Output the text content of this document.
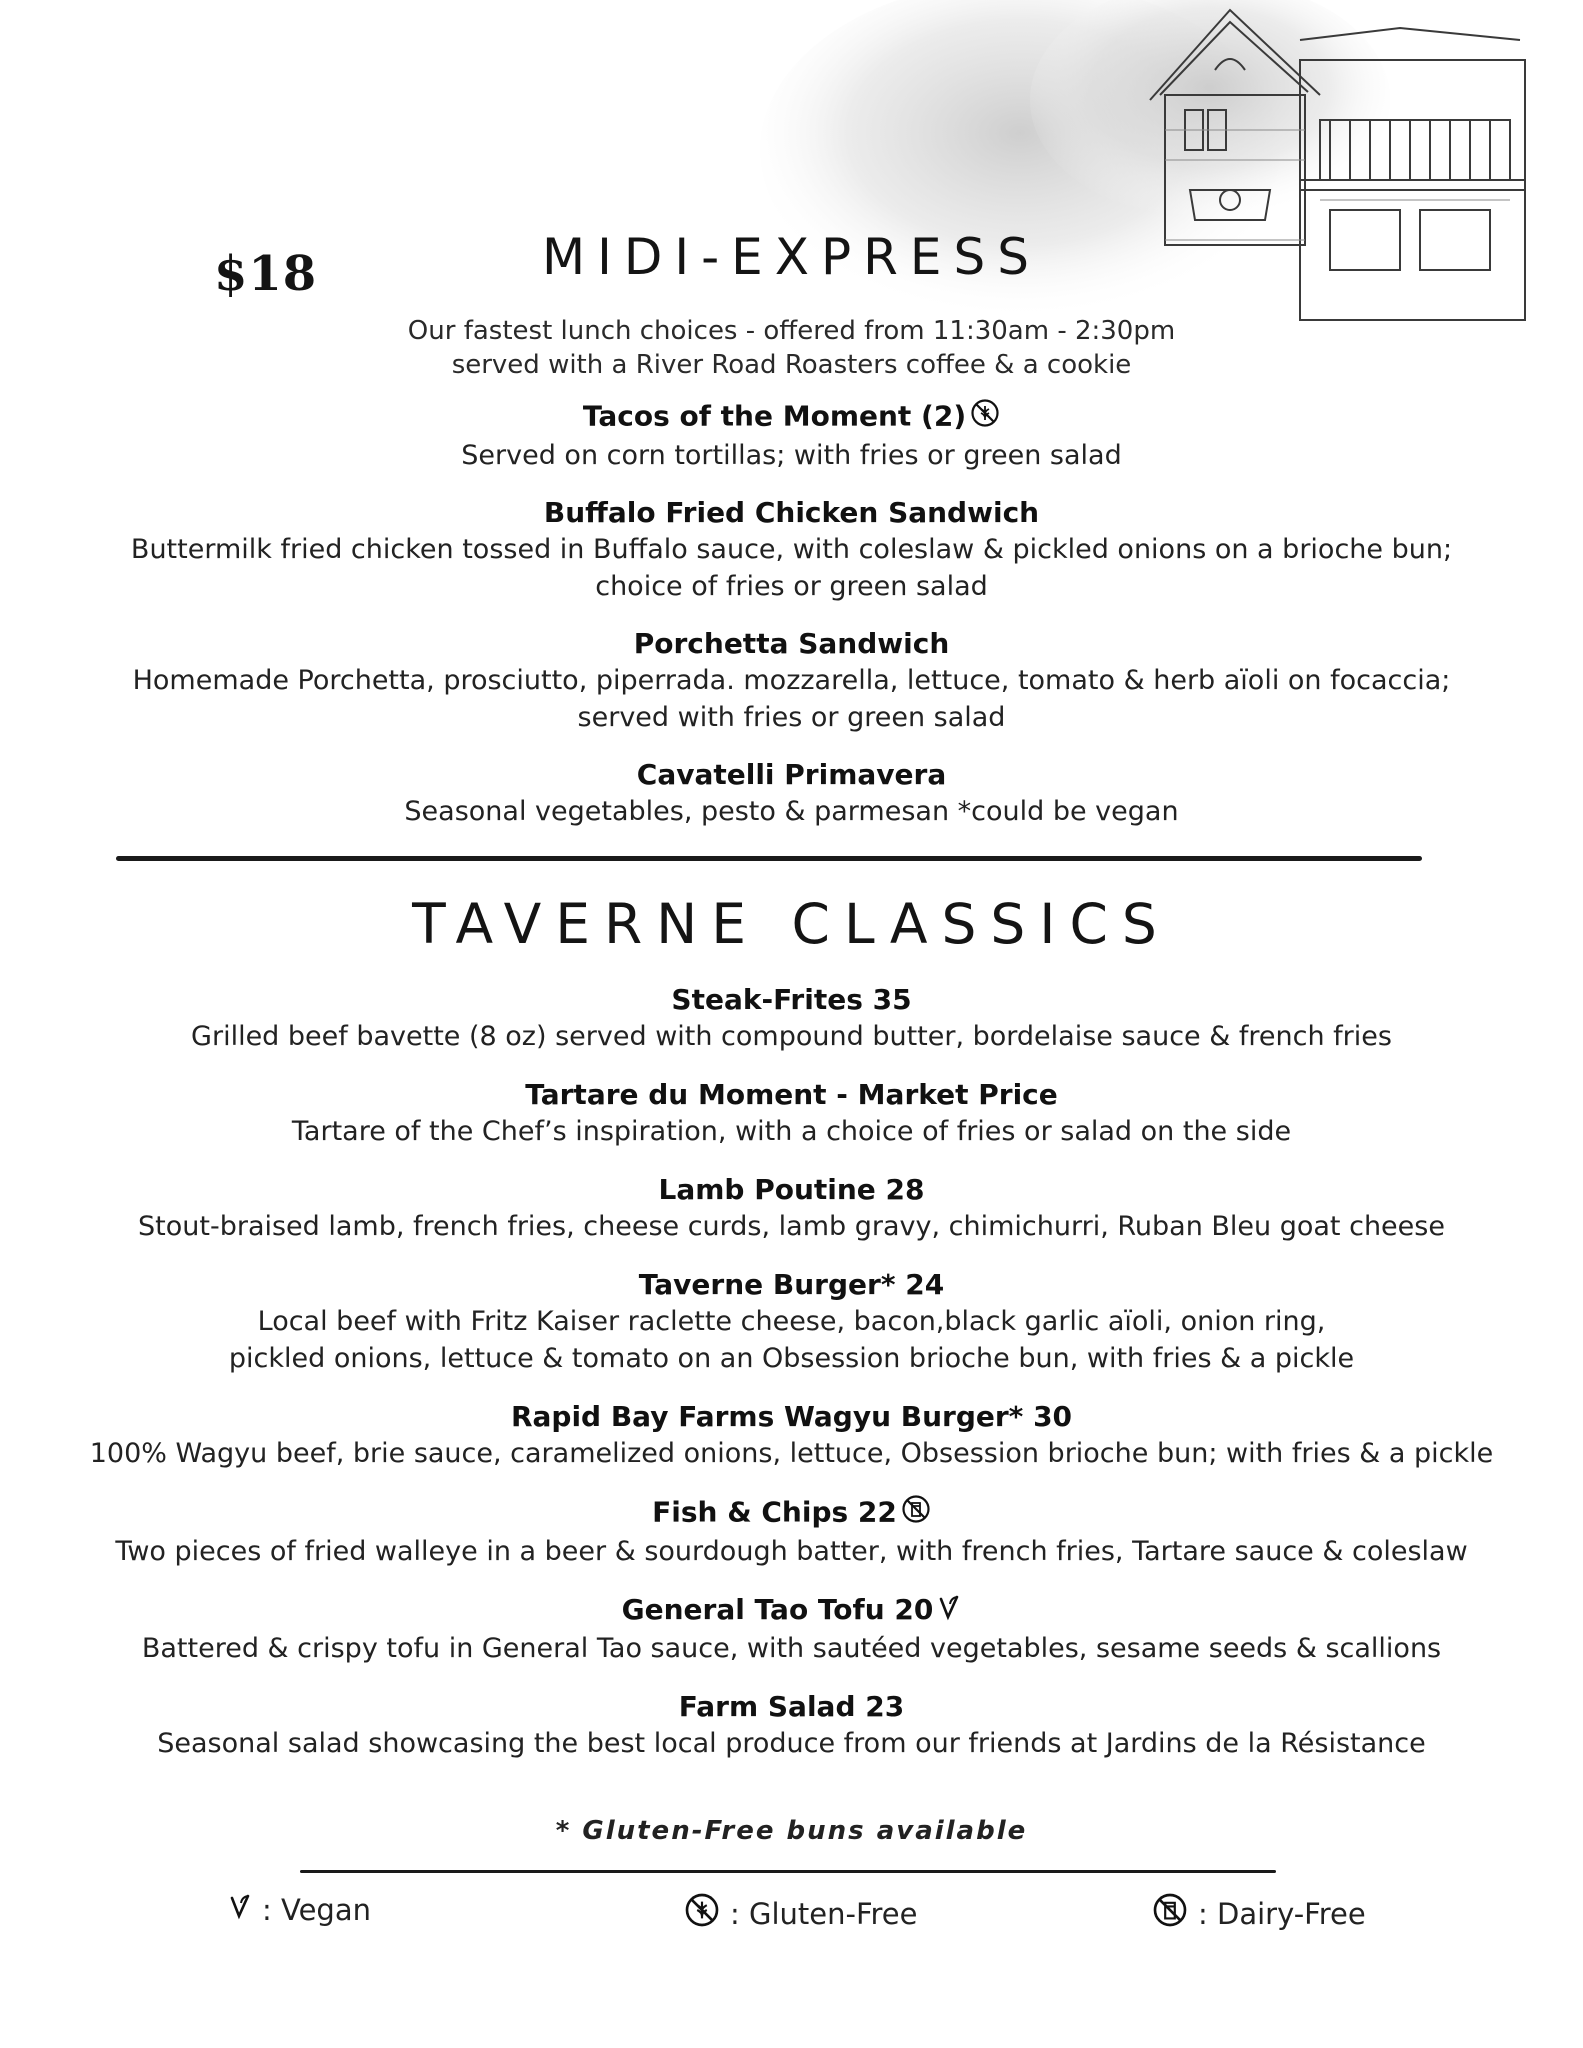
$18	MIDI-EXPRESS
Our fastest lunch choices - offered from 11:30am - 2:30pm
served with a River Road Roasters coffee & a cookie
Tacos of the Moment (2)
Served on corn tortillas; with fries or green salad
Buffalo Fried Chicken Sandwich
Buttermilk fried chicken tossed in Buffalo sauce, with coleslaw & pickled onions on a brioche bun;
choice of fries or green salad
Porchetta Sandwich
Homemade Porchetta, prosciutto, piperrada. mozzarella, lettuce, tomato & herb aïoli on focaccia;
served with fries or green salad
Cavatelli Primavera
Seasonal vegetables, pesto & parmesan *could be vegan
TAVERNE CLASSICS
Steak-Frites 35
Grilled beef bavette (8 oz) served with compound butter, bordelaise sauce & french fries
Tartare du Moment - Market Price
Tartare of the Chef’s inspiration, with a choice of fries or salad on the side
Lamb Poutine 28
Stout-braised lamb, french fries, cheese curds, lamb gravy, chimichurri, Ruban Bleu goat cheese
Taverne Burger* 24
Local beef with Fritz Kaiser raclette cheese, bacon,black garlic aïoli, onion ring,
pickled onions, lettuce & tomato on an Obsession brioche bun, with fries & a pickle
Rapid Bay Farms Wagyu Burger* 30
100% Wagyu beef, brie sauce, caramelized onions, lettuce, Obsession brioche bun; with fries & a pickle
Fish & Chips 22
Two pieces of fried walleye in a beer & sourdough batter, with french fries, Tartare sauce & coleslaw
General Tao Tofu 20
Battered & crispy tofu in General Tao sauce, with sautéed vegetables, sesame seeds & scallions
Farm Salad 23
Seasonal salad showcasing the best local produce from our friends at Jardins de la Résistance
* Gluten-Free buns available
: Vegan	: Gluten-Free	: Dairy-Free
